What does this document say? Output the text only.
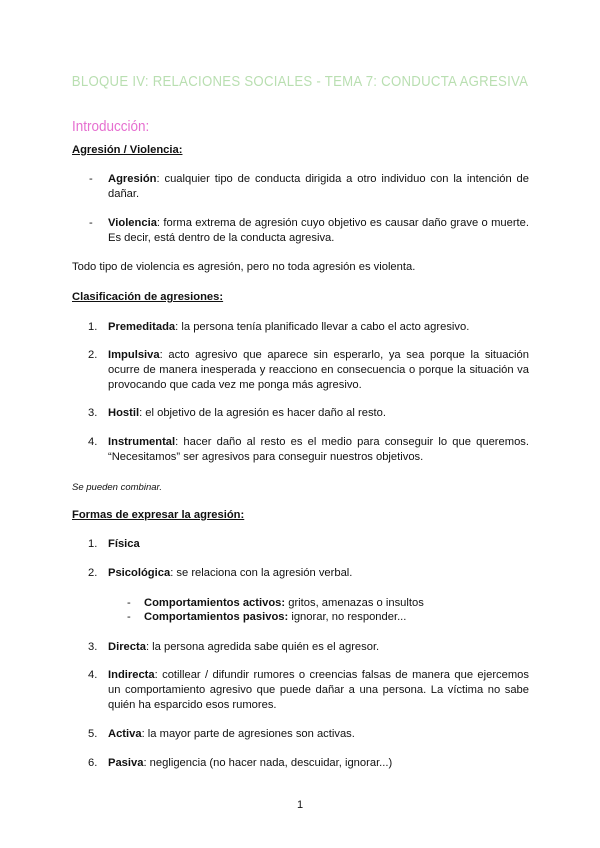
BLOQUE IV: RELACIONES SOCIALES - TEMA 7: CONDUCTA AGRESIVA
Introducción:
Agresión / Violencia:
- Agresión: cualquier tipo de conducta dirigida a otro individuo con la intención de dañar.
- Violencia: forma extrema de agresión cuyo objetivo es causar daño grave o muerte. Es decir, está dentro de la conducta agresiva.
Todo tipo de violencia es agresión, pero no toda agresión es violenta.
Clasificación de agresiones:
1. Premeditada: la persona tenía planificado llevar a cabo el acto agresivo.
2. Impulsiva: acto agresivo que aparece sin esperarlo, ya sea porque la situación ocurre de manera inesperada y reacciono en consecuencia o porque la situación va provocando que cada vez me ponga más agresivo.
3. Hostil: el objetivo de la agresión es hacer daño al resto.
4. Instrumental: hacer daño al resto es el medio para conseguir lo que queremos. “Necesitamos” ser agresivos para conseguir nuestros objetivos.
Se pueden combinar.
Formas de expresar la agresión:
1. Física
2. Psicológica: se relaciona con la agresión verbal.
- Comportamientos activos: gritos, amenazas o insultos
- Comportamientos pasivos: ignorar, no responder...
3. Directa: la persona agredida sabe quién es el agresor.
4. Indirecta: cotillear / difundir rumores o creencias falsas de manera que ejercemos un comportamiento agresivo que puede dañar a una persona. La víctima no sabe quién ha esparcido esos rumores.
5. Activa: la mayor parte de agresiones son activas.
6. Pasiva: negligencia (no hacer nada, descuidar, ignorar...)
1
